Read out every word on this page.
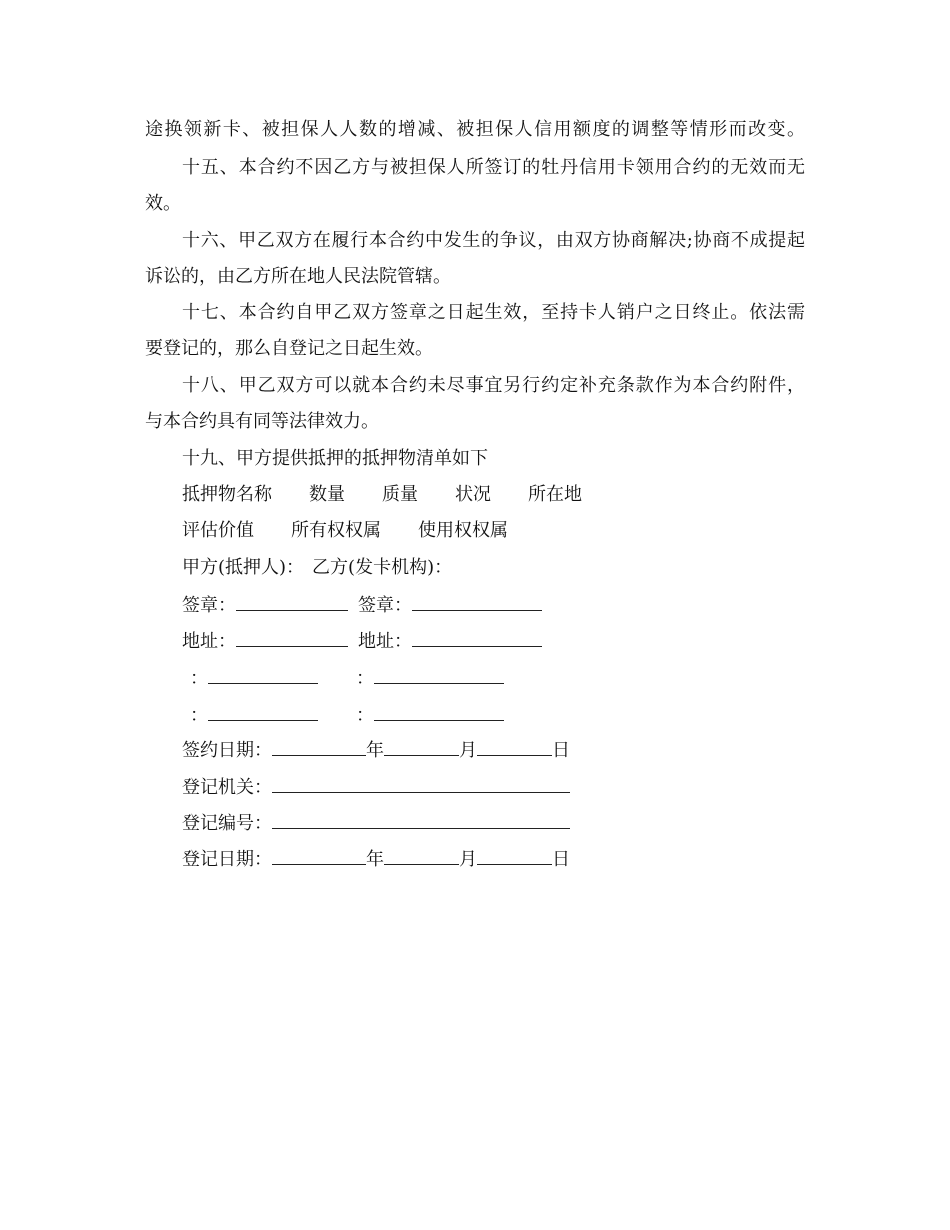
途换领新卡、被担保人人数的增减、被担保人信用额度的调整等情形而改变。
十五、本合约不因乙方与被担保人所签订的牡丹信用卡领用合约的无效而无
效。
十六、甲乙双方在履行本合约中发生的争议，由双方协商解决;协商不成提起
诉讼的，由乙方所在地人民法院管辖。
十七、本合约自甲乙双方签章之日起生效，至持卡人销户之日终止。依法需
要登记的，那么自登记之日起生效。
十八、甲乙双方可以就本合约未尽事宜另行约定补充条款作为本合约附件，
与本合约具有同等法律效力。
十九、甲方提供抵押的抵押物清单如下
抵押物名称 数量 质量 状况 所在地
评估价值 所有权权属 使用权权属
甲方(抵押人)： 乙方(发卡机构)：
签章：	签章：
地址：	地址：
：	：
：	：
签约日期：	年	月	日
登记机关：
登记编号：
登记日期：	年	月	日
